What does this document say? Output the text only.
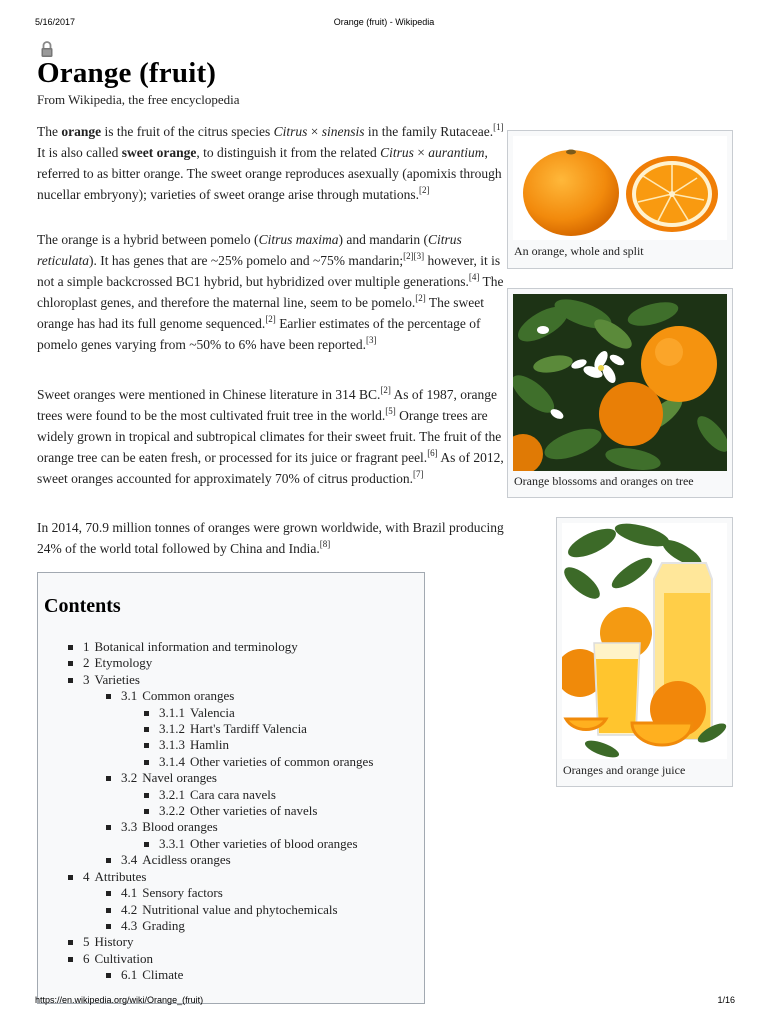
5/16/2017	Orange (fruit) - Wikipedia
Orange (fruit)
From Wikipedia, the free encyclopedia

The orange is the fruit of the citrus species Citrus × sinensis in the family Rutaceae.[1] It is also called sweet orange, to distinguish it from the related Citrus × aurantium, referred to as bitter orange. The sweet orange reproduces asexually (apomixis through nucellar embryony); varieties of sweet orange arise through mutations.[2]

The orange is a hybrid between pomelo (Citrus maxima) and mandarin (Citrus reticulata). It has genes that are ~25% pomelo and ~75% mandarin;[2][3] however, it is not a simple backcrossed BC1 hybrid, but hybridized over multiple generations.[4] The chloroplast genes, and therefore the maternal line, seem to be pomelo.[2] The sweet orange has had its full genome sequenced.[2] Earlier estimates of the percentage of pomelo genes varying from ~50% to 6% have been reported.[3]

Sweet oranges were mentioned in Chinese literature in 314 BC.[2] As of 1987, orange trees were found to be the most cultivated fruit tree in the world.[5] Orange trees are widely grown in tropical and subtropical climates for their sweet fruit. The fruit of the orange tree can be eaten fresh, or processed for its juice or fragrant peel.[6] As of 2012, sweet oranges accounted for approximately 70% of citrus production.[7]

In 2014, 70.9 million tonnes of oranges were grown worldwide, with Brazil producing 24% of the world total followed by China and India.[8]

An orange, whole and split
Orange blossoms and oranges on tree
Oranges and orange juice
Contents
1 Botanical information and terminology
2 Etymology
3 Varieties
3.1 Common oranges
3.1.1 Valencia
3.1.2 Hart's Tardiff Valencia
3.1.3 Hamlin
3.1.4 Other varieties of common oranges
3.2 Navel oranges
3.2.1 Cara cara navels
3.2.2 Other varieties of navels
3.3 Blood oranges
3.3.1 Other varieties of blood oranges
3.4 Acidless oranges
4 Attributes
4.1 Sensory factors
4.2 Nutritional value and phytochemicals
4.3 Grading
5 History
6 Cultivation
6.1 Climate
https://en.wikipedia.org/wiki/Orange_(fruit)	1/16
